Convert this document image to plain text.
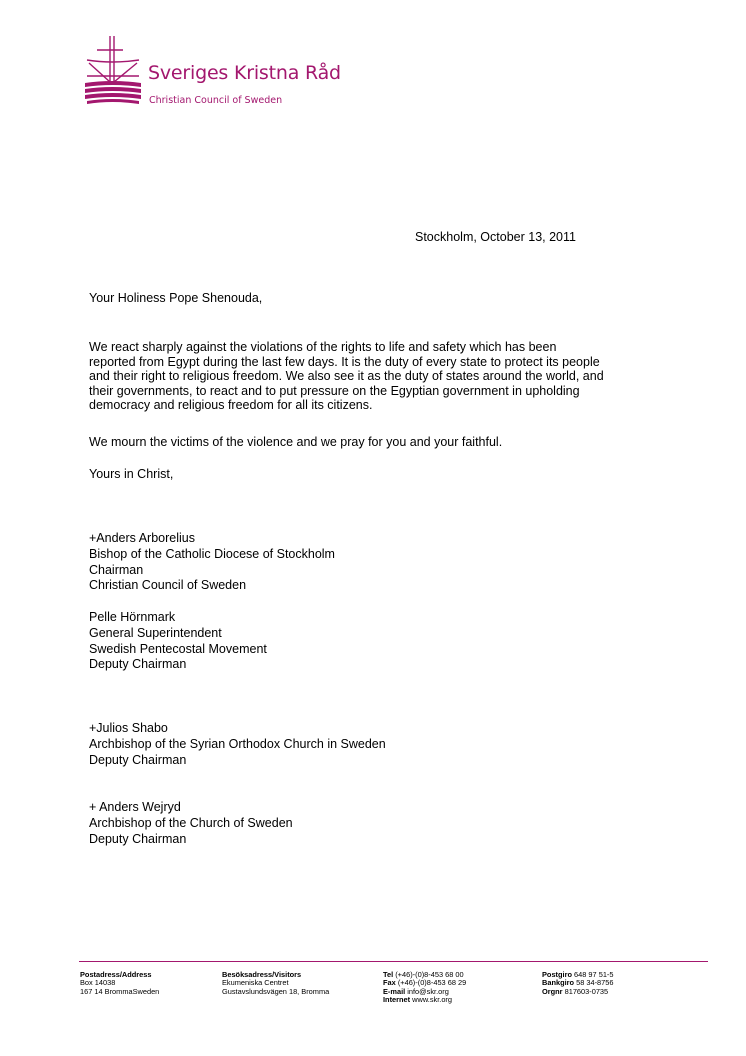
Sveriges Kristna Råd
Christian Council of Sweden
Stockholm, October 13, 2011
Your Holiness Pope Shenouda,
We react sharply against the violations of the rights to life and safety which has been
reported from Egypt during the last few days. It is the duty of every state to protect its people
and their right to religious freedom. We also see it as the duty of states around the world, and
their governments, to react and to put pressure on the Egyptian government in upholding
democracy and religious freedom for all its citizens.
We mourn the victims of the violence and we pray for you and your faithful.
Yours in Christ,
+Anders Arborelius
Bishop of the Catholic Diocese of Stockholm
Chairman
Christian Council of Sweden
Pelle Hörnmark
General Superintendent
Swedish Pentecostal Movement
Deputy Chairman
+Julios Shabo
Archbishop of the Syrian Orthodox Church in Sweden
Deputy Chairman
+ Anders Wejryd
Archbishop of the Church of Sweden
Deputy Chairman
Postadress/Address
Box 14038
167 14 BrommaSweden
Besöksadress/Visitors
Ekumeniska Centret
Gustavslundsvägen 18, Bromma
Tel (+46)-(0)8-453 68 00
Fax (+46)-(0)8-453 68 29
E-mail info@skr.org
Internet www.skr.org
Postgiro 648 97 51-5
Bankgiro 58 34-8756
Orgnr 817603-0735
